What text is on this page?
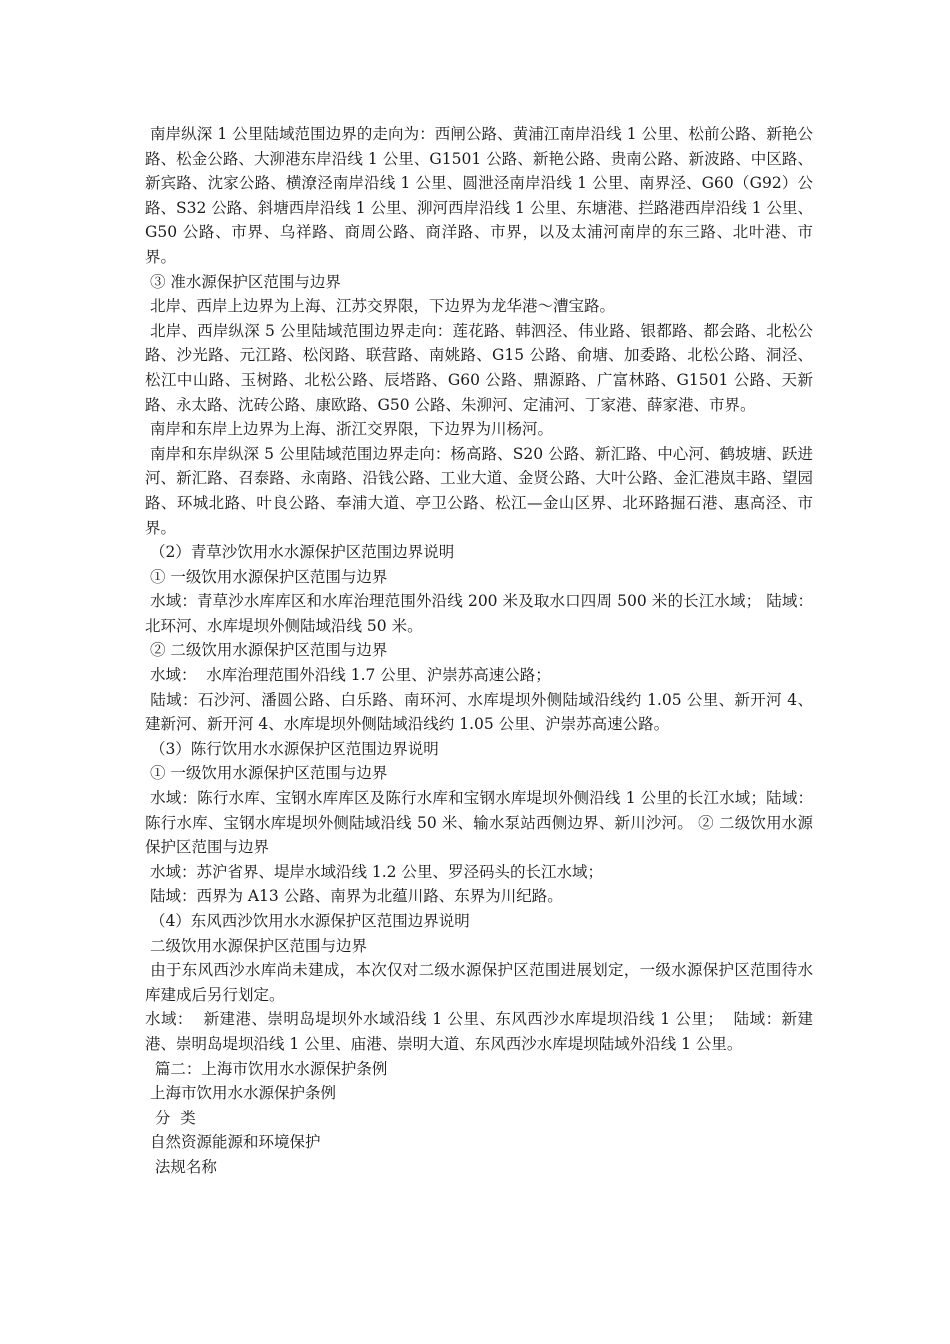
南岸纵深 1 公里陆域范围边界的走向为：西闸公路、黄浦江南岸沿线 1 公里、松前公路、新艳公路、松金公路、大泖港东岸沿线 1 公里、G1501 公路、新艳公路、贵南公路、新波路、中区路、新宾路、沈家公路、横潦泾南岸沿线 1 公里、圆泄泾南岸沿线 1 公里、南界泾、G60（G92）公路、S32 公路、斜塘西岸沿线 1 公里、泖河西岸沿线 1 公里、东塘港、拦路港西岸沿线 1 公里、G50 公路、市界、乌祥路、商周公路、商洋路、市界，以及太浦河南岸的东三路、北叶港、市界。

③ 准水源保护区范围与边界

北岸、西岸上边界为上海、江苏交界限，下边界为龙华港～漕宝路。

北岸、西岸纵深 5 公里陆域范围边界走向：莲花路、韩泗泾、伟业路、银都路、都会路、北松公路、沙光路、元江路、松闵路、联营路、南姚路、G15 公路、俞塘、加委路、北松公路、洞泾、松江中山路、玉树路、北松公路、辰塔路、G60 公路、鼎源路、广富林路、G1501 公路、天新路、永太路、沈砖公路、康欧路、G50 公路、朱泖河、定浦河、丁家港、薛家港、市界。

南岸和东岸上边界为上海、浙江交界限，下边界为川杨河。

南岸和东岸纵深 5 公里陆域范围边界走向：杨高路、S20 公路、新汇路、中心河、鹤坡塘、跃进河、新汇路、召泰路、永南路、沿钱公路、工业大道、金贤公路、大叶公路、金汇港岚丰路、望园路、环城北路、叶良公路、奉浦大道、亭卫公路、松江—金山区界、北环路掘石港、惠高泾、市界。

（2）青草沙饮用水水源保护区范围边界说明

① 一级饮用水源保护区范围与边界

水域：青草沙水库库区和水库治理范围外沿线 200 米及取水口四周 500 米的长江水域； 陆域：北环河、水库堤坝外侧陆域沿线 50 米。

② 二级饮用水源保护区范围与边界

水域：  水库治理范围外沿线 1.7 公里、沪崇苏高速公路；

陆域：石沙河、潘圆公路、白乐路、南环河、水库堤坝外侧陆域沿线约 1.05 公里、新开河 4、建新河、新开河 4、水库堤坝外侧陆域沿线约 1.05 公里、沪崇苏高速公路。

（3）陈行饮用水水源保护区范围边界说明

① 一级饮用水源保护区范围与边界

水域：陈行水库、宝钢水库库区及陈行水库和宝钢水库堤坝外侧沿线 1 公里的长江水域；陆域：陈行水库、宝钢水库堤坝外侧陆域沿线 50 米、输水泵站西侧边界、新川沙河。 ② 二级饮用水源保护区范围与边界

水域：苏沪省界、堤岸水域沿线 1.2 公里、罗泾码头的长江水域；

陆域：西界为 A13 公路、南界为北蕴川路、东界为川纪路。

（4）东风西沙饮用水水源保护区范围边界说明

二级饮用水源保护区范围与边界

由于东风西沙水库尚未建成，本次仅对二级水源保护区范围进展划定，一级水源保护区范围待水库建成后另行划定。

水域：  新建港、崇明岛堤坝外水域沿线 1 公里、东风西沙水库堤坝沿线 1 公里；  陆域：新建港、崇明岛堤坝沿线 1 公里、庙港、崇明大道、东风西沙水库堤坝陆域外沿线 1 公里。

篇二：上海市饮用水水源保护条例

上海市饮用水水源保护条例

分  类

自然资源能源和环境保护

法规名称
